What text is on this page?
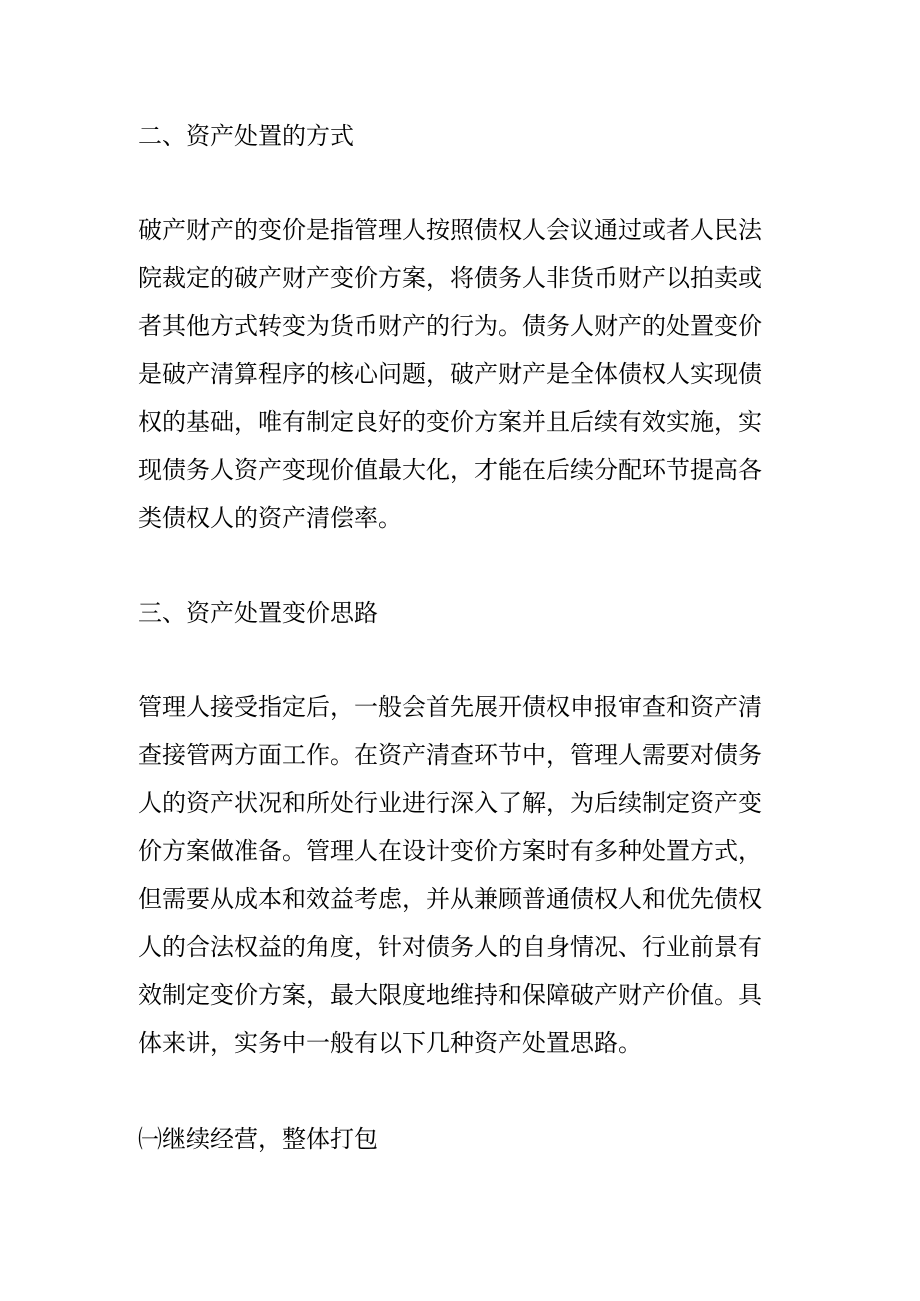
二、资产处置的方式
破产财产的变价是指管理人按照债权人会议通过或者人民法
院裁定的破产财产变价方案，将债务人非货币财产以拍卖或
者其他方式转变为货币财产的行为。债务人财产的处置变价
是破产清算程序的核心问题，破产财产是全体债权人实现债
权的基础，唯有制定良好的变价方案并且后续有效实施，实
现债务人资产变现价值最大化，才能在后续分配环节提高各
类债权人的资产清偿率。
三、资产处置变价思路
管理人接受指定后，一般会首先展开债权申报审查和资产清
查接管两方面工作。在资产清查环节中，管理人需要对债务
人的资产状况和所处行业进行深入了解，为后续制定资产变
价方案做准备。管理人在设计变价方案时有多种处置方式，
但需要从成本和效益考虑，并从兼顾普通债权人和优先债权
人的合法权益的角度，针对债务人的自身情况、行业前景有
效制定变价方案，最大限度地维持和保障破产财产价值。具
体来讲，实务中一般有以下几种资产处置思路。
㈠继续经营，整体打包
